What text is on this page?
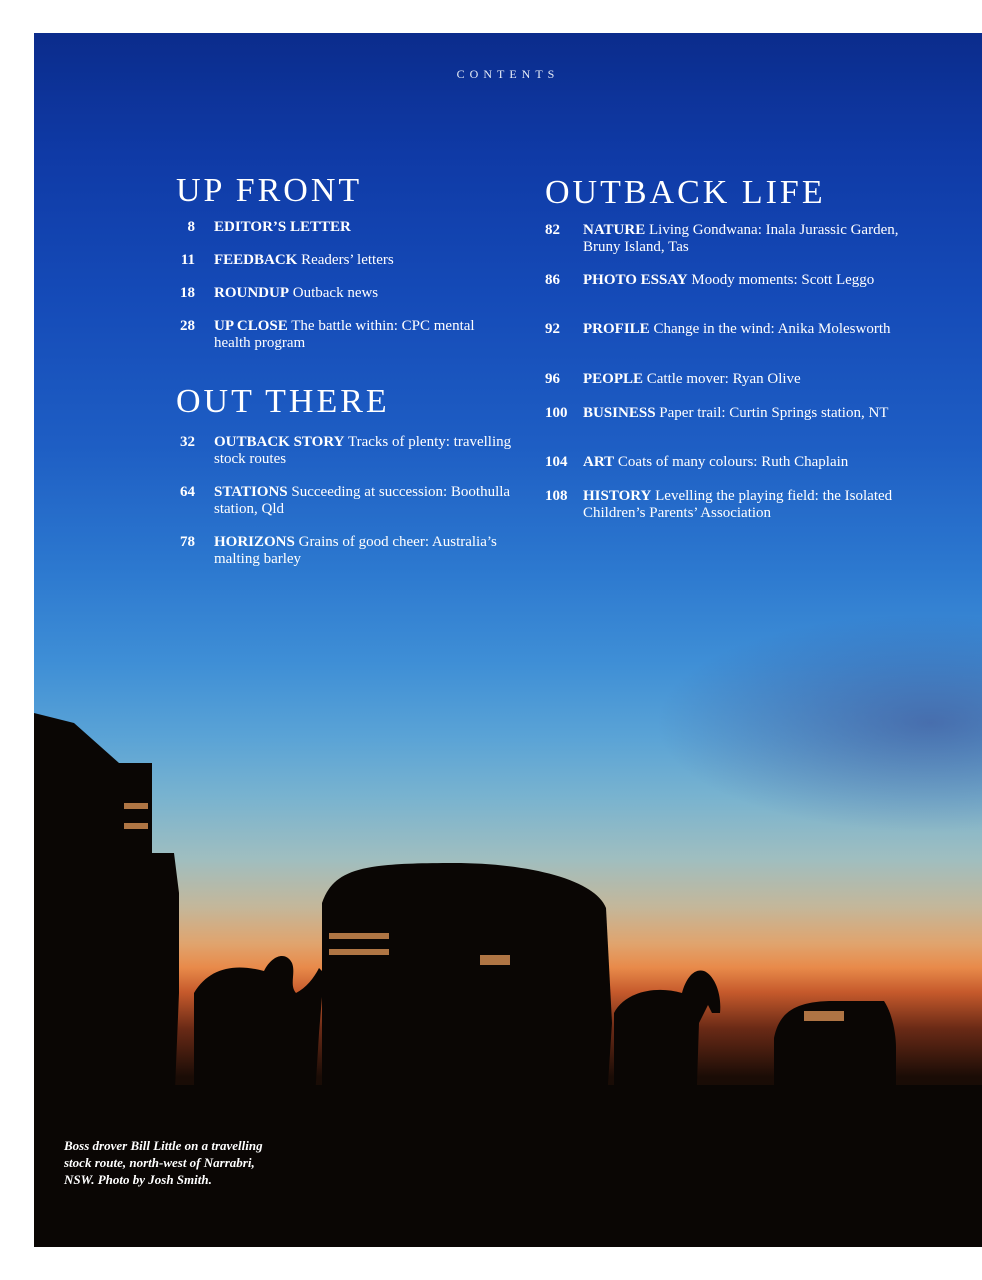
CONTENTS
UP FRONT
8 EDITOR’S LETTER
11 FEEDBACK Readers’ letters
18 ROUNDUP Outback news
28 UP CLOSE The battle within: CPC mental health program
OUT THERE
32 OUTBACK STORY Tracks of plenty: travelling stock routes
64 STATIONS Succeeding at succession: Boothulla station, Qld
78 HORIZONS Grains of good cheer: Australia’s malting barley
OUTBACK LIFE
82	NATURE Living Gondwana: Inala Jurassic Garden, Bruny Island, Tas
86	PHOTO ESSAY Moody moments: Scott Leggo
92	PROFILE Change in the wind: Anika Molesworth
96	PEOPLE Cattle mover: Ryan Olive
100	BUSINESS Paper trail: Curtin Springs station, NT
104	ART Coats of many colours: Ruth Chaplain
108	HISTORY Levelling the playing field: the Isolated Children’s Parents’ Association
Boss drover Bill Little on a travelling stock route, north-west of Narrabri, NSW. Photo by Josh Smith.
